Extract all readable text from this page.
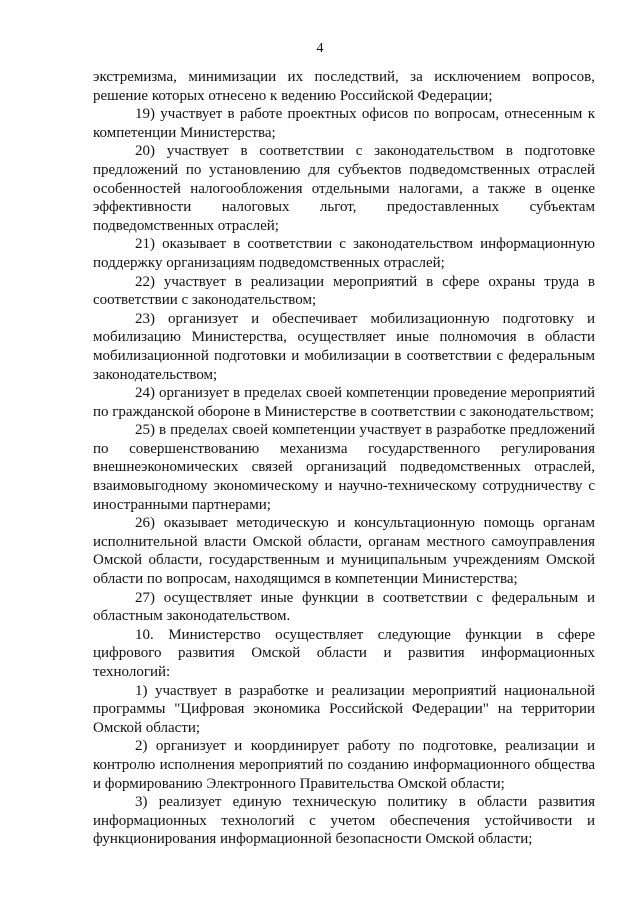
4

экстремизма, минимизации их последствий, за исключением вопросов, решение которых отнесено к ведению Российской Федерации;

19) участвует в работе проектных офисов по вопросам, отнесенным к компетенции Министерства;

20) участвует в соответствии с законодательством в подготовке предложений по установлению для субъектов подведомственных отраслей особенностей налогообложения отдельными налогами, а также в оценке эффективности налоговых льгот, предоставленных субъектам подведомственных отраслей;

21) оказывает в соответствии с законодательством информационную поддержку организациям подведомственных отраслей;

22) участвует в реализации мероприятий в сфере охраны труда в соответствии с законодательством;

23) организует и обеспечивает мобилизационную подготовку и мобилизацию Министерства, осуществляет иные полномочия в области мобилизационной подготовки и мобилизации в соответствии с федеральным законодательством;

24) организует в пределах своей компетенции проведение мероприятий по гражданской обороне в Министерстве в соответствии с законодательством;

25) в пределах своей компетенции участвует в разработке предложений по совершенствованию механизма государственного регулирования внешнеэкономических связей организаций подведомственных отраслей, взаимовыгодному экономическому и научно-техническому сотрудничеству с иностранными партнерами;

26) оказывает методическую и консультационную помощь органам исполнительной власти Омской области, органам местного самоуправления Омской области, государственным и муниципальным учреждениям Омской области по вопросам, находящимся в компетенции Министерства;

27) осуществляет иные функции в соответствии с федеральным и областным законодательством.

10. Министерство осуществляет следующие функции в сфере цифрового развития Омской области и развития информационных технологий:

1) участвует в разработке и реализации мероприятий национальной программы "Цифровая экономика Российской Федерации" на территории Омской области;

2) организует и координирует работу по подготовке, реализации и контролю исполнения мероприятий по созданию информационного общества и формированию Электронного Правительства Омской области;

3) реализует единую техническую политику в области развития информационных технологий с учетом обеспечения устойчивости и функционирования информационной безопасности Омской области;
